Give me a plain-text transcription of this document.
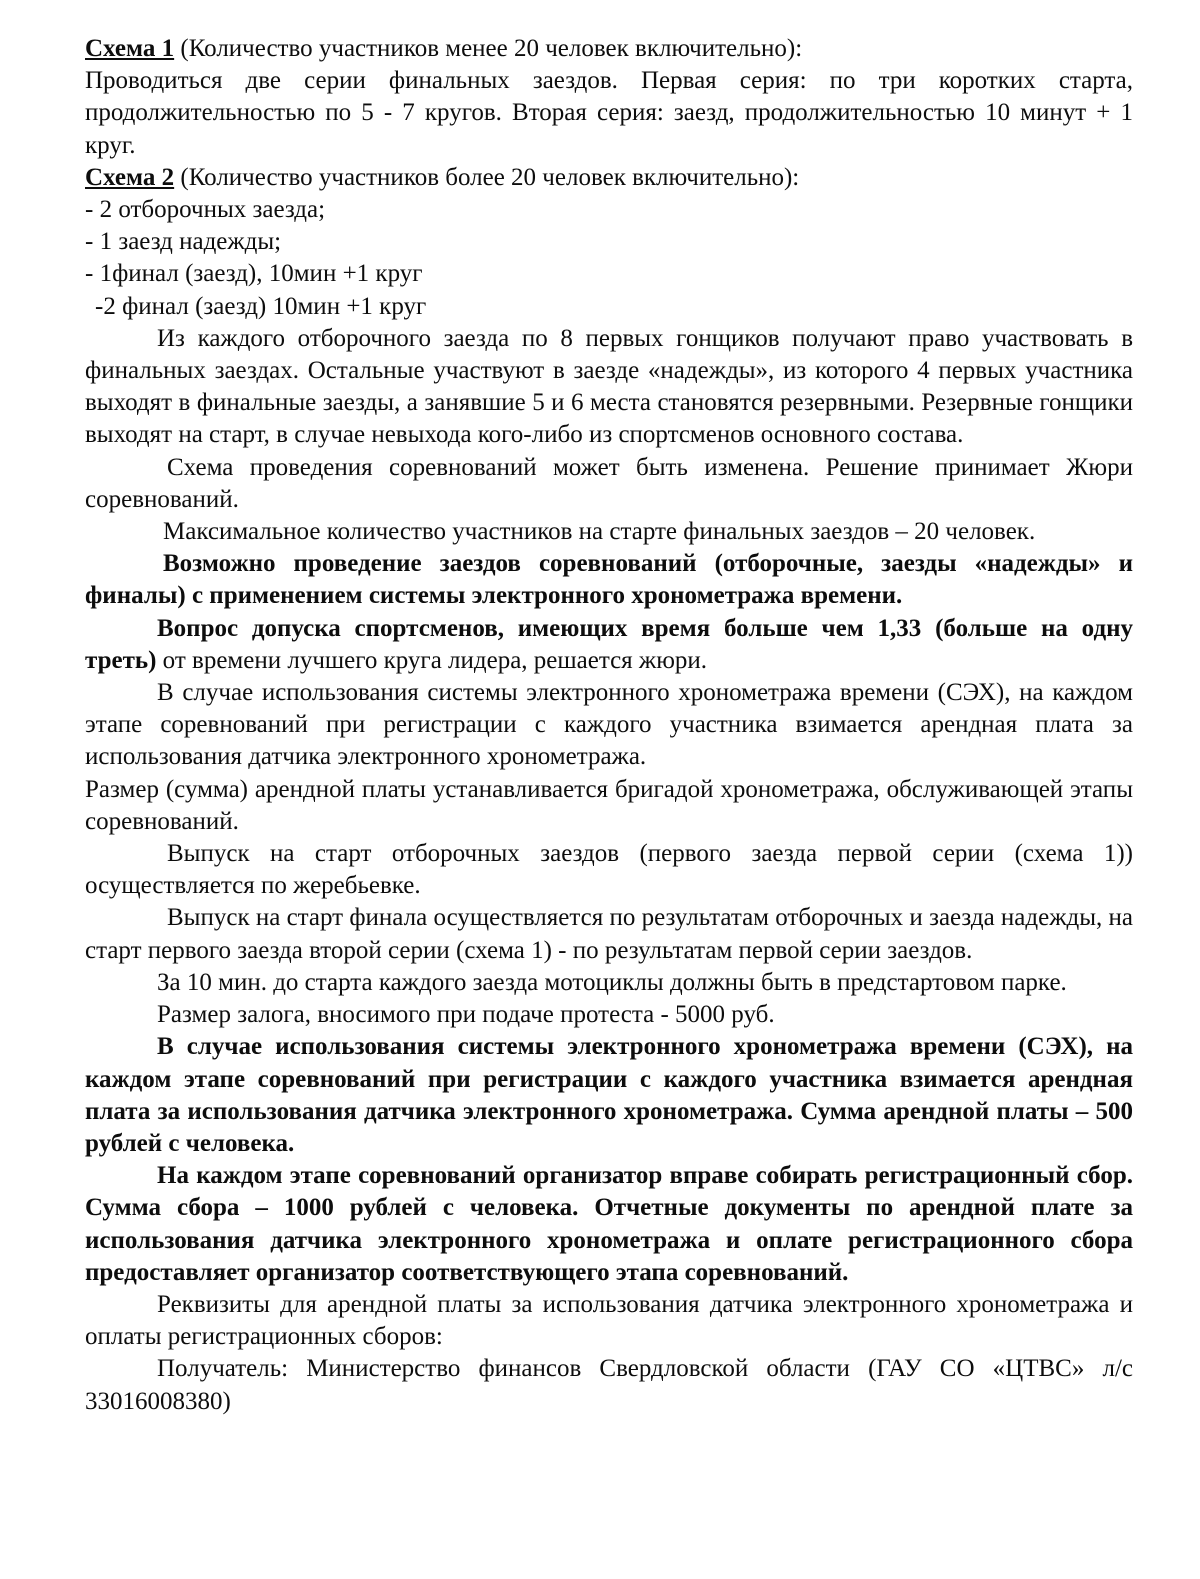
Схема 1 (Количество участников менее 20 человек включительно):

Проводиться две серии финальных заездов. Первая серия: по три коротких старта, продолжительностью по 5 - 7 кругов. Вторая серия: заезд, продолжительностью 10 минут + 1 круг.

Схема 2 (Количество участников более 20 человек включительно):

- 2 отборочных заезда;

- 1 заезд надежды;

- 1финал (заезд), 10мин +1 круг

-2 финал (заезд) 10мин +1 круг

Из каждого отборочного заезда по 8 первых гонщиков получают право участвовать в финальных заездах. Остальные участвуют в заезде «надежды», из которого 4 первых участника выходят в финальные заезды, а занявшие 5 и 6 места становятся резервными. Резервные гонщики выходят на старт, в случае невыхода кого-либо из спортсменов основного состава.

Схема проведения соревнований может быть изменена. Решение принимает Жюри соревнований.

Максимальное количество участников на старте финальных заездов – 20 человек.

Возможно проведение заездов соревнований (отборочные, заезды «надежды» и финалы) с применением системы электронного хронометража времени.

Вопрос допуска спортсменов, имеющих время больше чем 1,33 (больше на одну треть) от времени лучшего круга лидера, решается жюри.

В случае использования системы электронного хронометража времени (СЭХ), на каждом этапе соревнований при регистрации с каждого участника взимается арендная плата за использования датчика электронного хронометража.

Размер (сумма) арендной платы устанавливается бригадой хронометража, обслуживающей этапы соревнований.

Выпуск на старт отборочных заездов (первого заезда первой серии (схема 1)) осуществляется по жеребьевке.

Выпуск на старт финала осуществляется по результатам отборочных и заезда надежды, на старт первого заезда второй серии (схема 1) - по результатам первой серии заездов.

За 10 мин. до старта каждого заезда мотоциклы должны быть в предстартовом парке.

Размер залога, вносимого при подаче протеста - 5000 руб.

В случае использования системы электронного хронометража времени (СЭХ), на каждом этапе соревнований при регистрации с каждого участника взимается арендная плата за использования датчика электронного хронометража. Сумма арендной платы – 500 рублей с человека.

На каждом этапе соревнований организатор вправе собирать регистрационный сбор. Сумма сбора – 1000 рублей с человека. Отчетные документы по арендной плате за использования датчика электронного хронометража и оплате регистрационного сбора предоставляет организатор соответствующего этапа соревнований.

Реквизиты для арендной платы за использования датчика электронного хронометража и оплаты регистрационных сборов:

Получатель: Министерство финансов Свердловской области (ГАУ СО «ЦТВС» л/с 33016008380)
